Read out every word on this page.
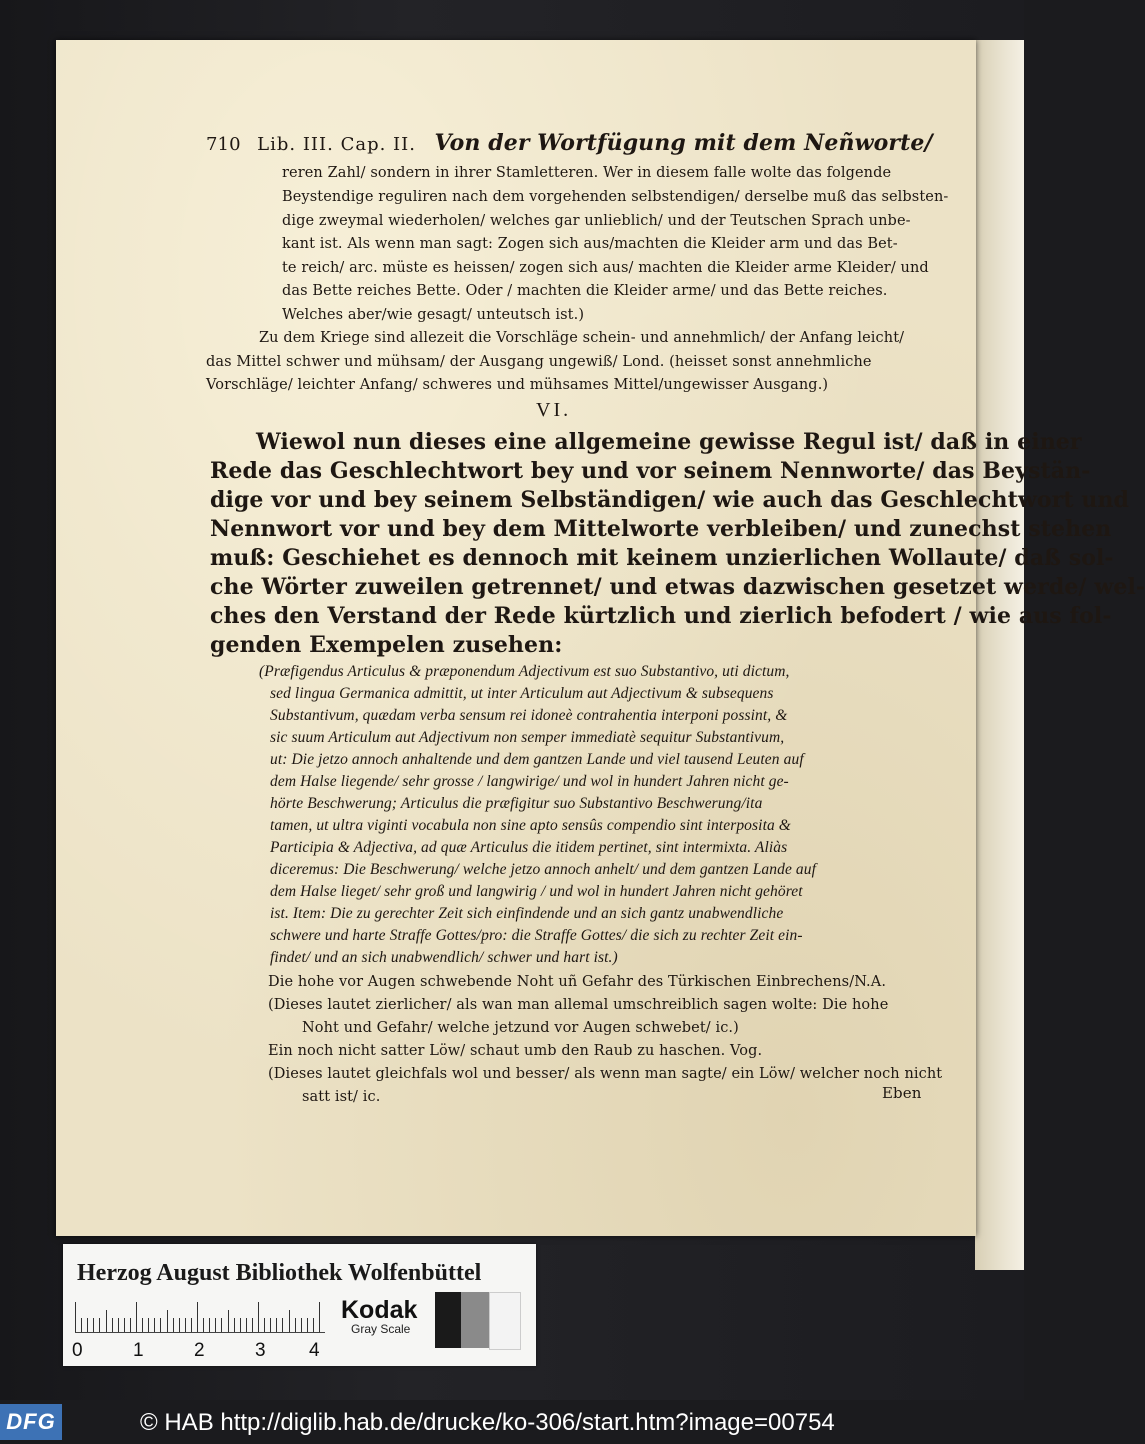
710 Lib. III. Cap. II. Von der Wortfügung mit dem Neñworte/
reren Zahl/ sondern in ihrer Stamletteren. Wer in diesem falle wolte das folgende
Beystendige reguliren nach dem vorgehenden selbstendigen/ derselbe muß das selbsten-
dige zweymal wiederholen/ welches gar unlieblich/ und der Teutschen Sprach unbe-
kant ist. Als wenn man sagt: Zogen sich aus/machten die Kleider arm und das Bet-
te reich/ arc. müste es heissen/ zogen sich aus/ machten die Kleider arme Kleider/ und
das Bette reiches Bette. Oder / machten die Kleider arme/ und das Bette reiches.
Welches aber/wie gesagt/ unteutsch ist.)
Zu dem Kriege sind allezeit die Vorschläge schein- und annehmlich/ der Anfang leicht/
das Mittel schwer und mühsam/ der Ausgang ungewiß/ Lond. (heisset sonst annehmliche
Vorschläge/ leichter Anfang/ schweres und mühsames Mittel/ungewisser Ausgang.)
VI.
Wiewol nun dieses eine allgemeine gewisse Regul ist/ daß in einer
Rede das Geschlechtwort bey und vor seinem Nennworte/ das Beystän-
dige vor und bey seinem Selbständigen/ wie auch das Geschlechtwort und
Nennwort vor und bey dem Mittelworte verbleiben/ und zunechst stehen
muß: Geschiehet es dennoch mit keinem unzierlichen Wollaute/ daß sol-
che Wörter zuweilen getrennet/ und etwas dazwischen gesetzet werde/ wel-
ches den Verstand der Rede kürtzlich und zierlich befodert / wie aus fol-
genden Exempelen zusehen:
(Præfigendus Articulus & præponendum Adjectivum est suo Substantivo, uti dictum,
sed lingua Germanica admittit, ut inter Articulum aut Adjectivum & subsequens
Substantivum, quædam verba sensum rei idoneè contrahentia interponi possint, &
sic suum Articulum aut Adjectivum non semper immediatè sequitur Substantivum,
ut: Die jetzo annoch anhaltende und dem gantzen Lande und viel tausend Leuten auf
dem Halse liegende/ sehr grosse / langwirige/ und wol in hundert Jahren nicht ge-
hörte Beschwerung; Articulus die præfigitur suo Substantivo Beschwerung/ita
tamen, ut ultra viginti vocabula non sine apto sensûs compendio sint interposita &
Participia & Adjectiva, ad quæ Articulus die itidem pertinet, sint intermixta. Aliàs
diceremus: Die Beschwerung/ welche jetzo annoch anhelt/ und dem gantzen Lande auf
dem Halse lieget/ sehr groß und langwirig / und wol in hundert Jahren nicht gehöret
ist. Item: Die zu gerechter Zeit sich einfindende und an sich gantz unabwendliche
schwere und harte Straffe Gottes/pro: die Straffe Gottes/ die sich zu rechter Zeit ein-
findet/ und an sich unabwendlich/ schwer und hart ist.)
Die hohe vor Augen schwebende Noht uñ Gefahr des Türkischen Einbrechens/N.A.
(Dieses lautet zierlicher/ als wan man allemal umschreiblich sagen wolte: Die hohe
Noht und Gefahr/ welche jetzund vor Augen schwebet/ ic.)
Ein noch nicht satter Löw/ schaut umb den Raub zu haschen. Vog.
(Dieses lautet gleichfals wol und besser/ als wenn man sagte/ ein Löw/ welcher noch nicht
satt ist/ ic.	Eben
Herzog August Bibliothek Wolfenbüttel
0	1	2	3 4
Kodak
Gray Scale
DFG	© HAB http://diglib.hab.de/drucke/ko-306/start.htm?image=00754
